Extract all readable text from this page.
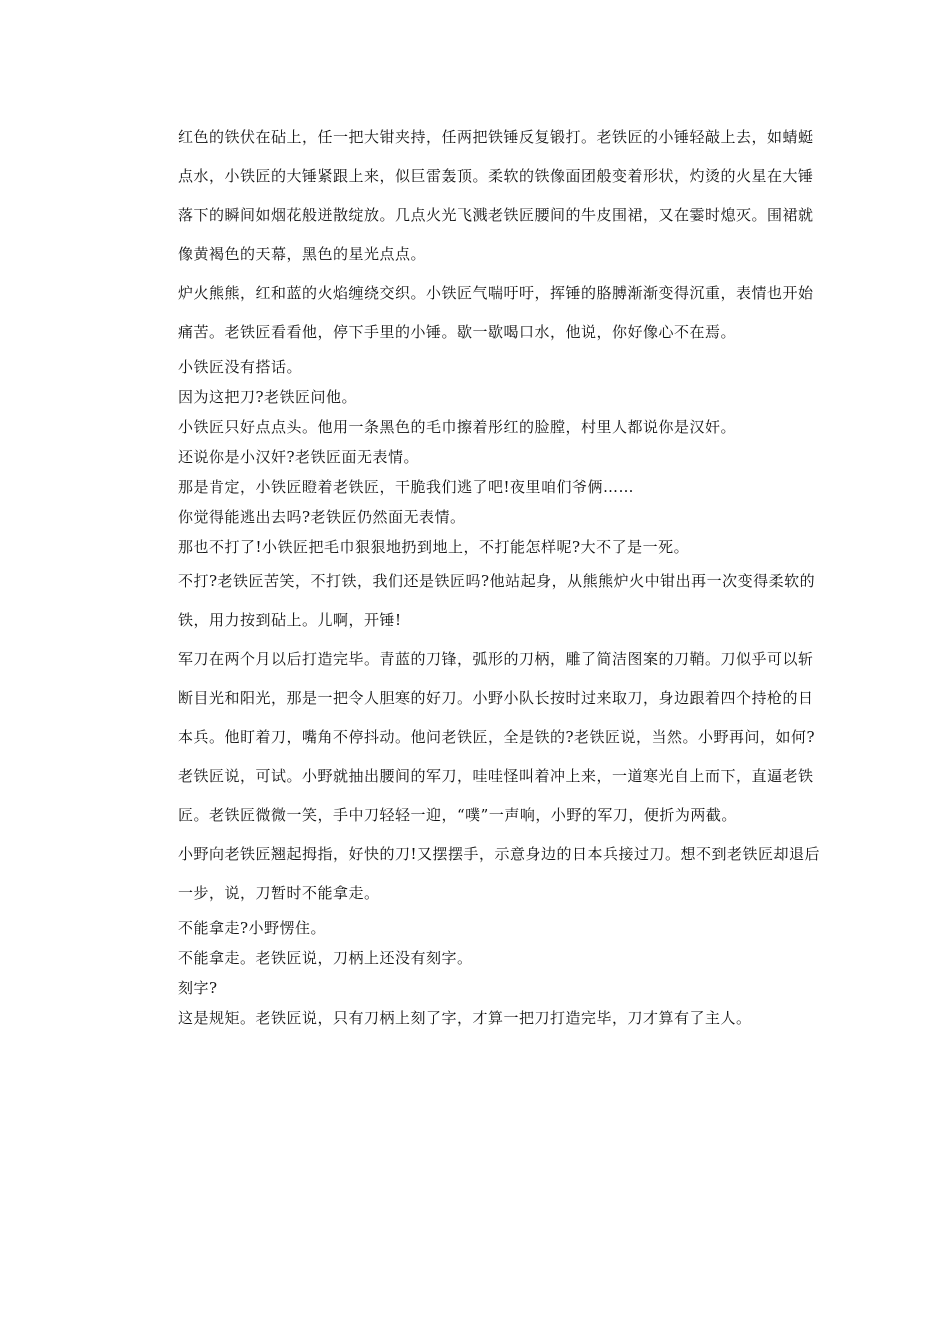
红色的铁伏在砧上，任一把大钳夹持，任两把铁锤反复锻打。老铁匠的小锤轻敲上去，如蜻蜓点水，小铁匠的大锤紧跟上来，似巨雷轰顶。柔软的铁像面团般变着形状，灼烫的火星在大锤落下的瞬间如烟花般迸散绽放。几点火光飞溅老铁匠腰间的牛皮围裙，又在霎时熄灭。围裙就像黄褐色的天幕，黑色的星光点点。

炉火熊熊，红和蓝的火焰缠绕交织。小铁匠气喘吁吁，挥锤的胳膊渐渐变得沉重，表情也开始痛苦。老铁匠看看他，停下手里的小锤。歇一歇喝口水，他说，你好像心不在焉。

小铁匠没有搭话。

因为这把刀?老铁匠问他。

小铁匠只好点点头。他用一条黑色的毛巾擦着彤红的脸膛，村里人都说你是汉奸。

还说你是小汉奸?老铁匠面无表情。

那是肯定，小铁匠瞪着老铁匠，干脆我们逃了吧!夜里咱们爷俩……

你觉得能逃出去吗?老铁匠仍然面无表情。

那也不打了!小铁匠把毛巾狠狠地扔到地上，不打能怎样呢?大不了是一死。

不打?老铁匠苦笑，不打铁，我们还是铁匠吗?他站起身，从熊熊炉火中钳出再一次变得柔软的铁，用力按到砧上。儿啊，开锤!

军刀在两个月以后打造完毕。青蓝的刀锋，弧形的刀柄，雕了简洁图案的刀鞘。刀似乎可以斩断目光和阳光，那是一把令人胆寒的好刀。小野小队长按时过来取刀，身边跟着四个持枪的日本兵。他盯着刀，嘴角不停抖动。他问老铁匠，全是铁的?老铁匠说，当然。小野再问，如何?老铁匠说，可试。小野就抽出腰间的军刀，哇哇怪叫着冲上来，一道寒光自上而下，直逼老铁匠。老铁匠微微一笑，手中刀轻轻一迎，“噗”一声响，小野的军刀，便折为两截。

小野向老铁匠翘起拇指，好快的刀!又摆摆手，示意身边的日本兵接过刀。想不到老铁匠却退后一步，说，刀暂时不能拿走。

不能拿走?小野愣住。

不能拿走。老铁匠说，刀柄上还没有刻字。

刻字?

这是规矩。老铁匠说，只有刀柄上刻了字，才算一把刀打造完毕，刀才算有了主人。
